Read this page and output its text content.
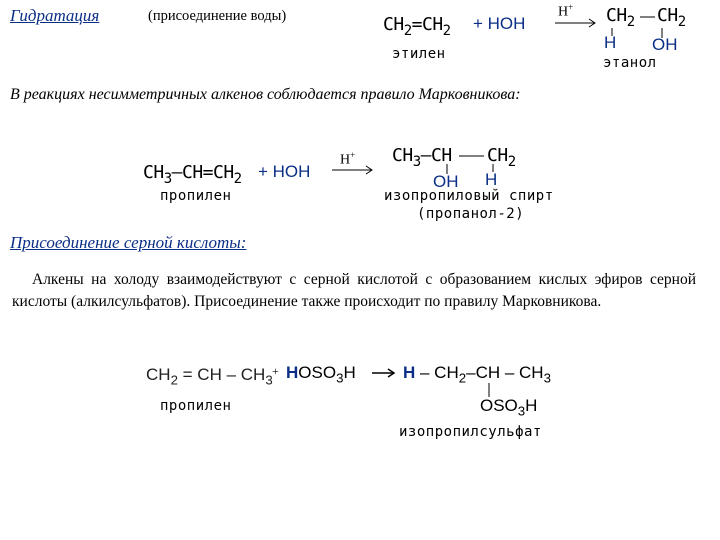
Гидратация	(присоединение воды)	$CH_2=CH_2$ + HOH
этилен
H+ $CH_2$ $CH_2$
H OH
этанол
В реакциях несимметричных алкенов соблюдается правило Марковникова:
$CH_3-CH=CH_2$ + HOH
пропилен
H+ $CH_3-CH$ $CH_2$
OH H
изопропиловый спирт
(пропанол-2)
Присоединение серной кислоты:
Алкены на холоду взаимодействуют с серной кислотой с образованием кислых эфиров серной кислоты (алкилсульфатов). Присоединение также происходит по правилу Марковникова.
$CH_2$ = CH – $CH_3$
+ $HOSO_3H$
пропилен
H – $CH_2-CH - CH_3$
$OSO_3H$
изопропилсульфат
